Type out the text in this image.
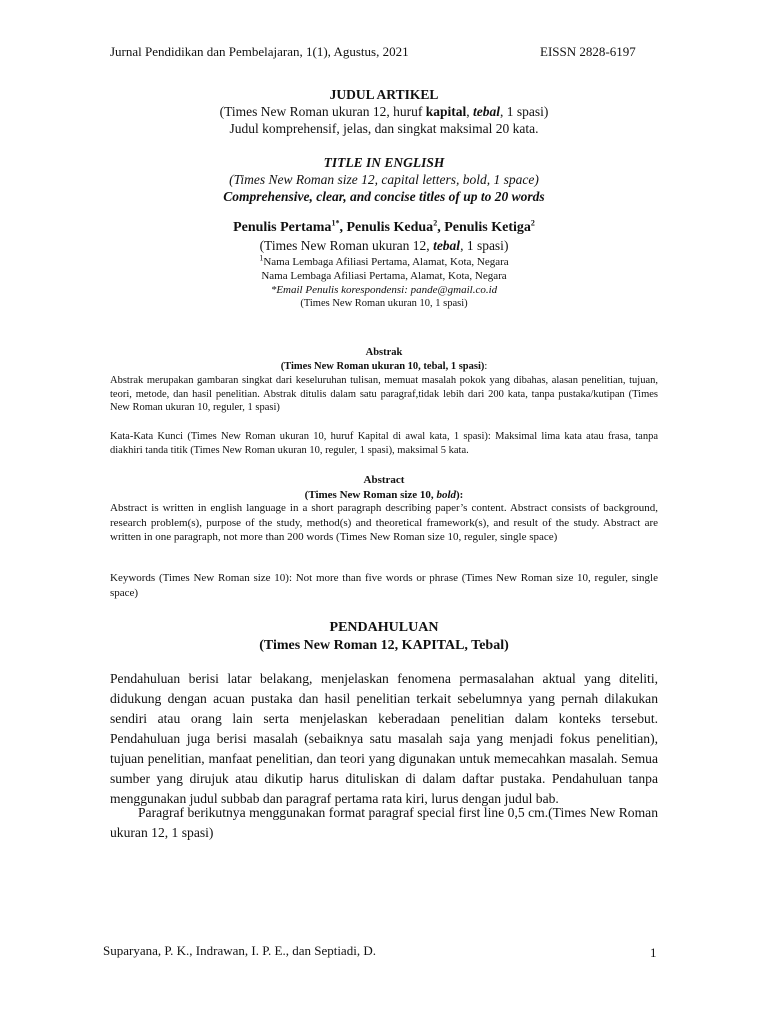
Jurnal Pendidikan dan Pembelajaran, 1(1), Agustus, 2021	EISSN 2828-6197
JUDUL ARTIKEL
(Times New Roman ukuran 12, huruf kapital, tebal, 1 spasi)
Judul komprehensif, jelas, dan singkat maksimal 20 kata.
TITLE IN ENGLISH
(Times New Roman size 12, capital letters, bold, 1 space)
Comprehensive, clear, and concise titles of up to 20 words
Penulis Pertama$^{1*}$, Penulis Kedua$^2$, Penulis Ketiga$^2$
(Times New Roman ukuran 12, tebal, 1 spasi)
$^1$Nama Lembaga Afiliasi Pertama, Alamat, Kota, Negara
Nama Lembaga Afiliasi Pertama, Alamat, Kota, Negara
*Email Penulis korespondensi: pande@gmail.co.id
(Times New Roman ukuran 10, 1 spasi)
Abstrak
(Times New Roman ukuran 10, tebal, 1 spasi):
Abstrak merupakan gambaran singkat dari keseluruhan tulisan, memuat masalah pokok yang dibahas, alasan penelitian, tujuan, teori, metode, dan hasil penelitian. Abstrak ditulis dalam satu paragraf,tidak lebih dari 200 kata, tanpa pustaka/kutipan (Times New Roman ukuran 10, reguler, 1 spasi)
Kata-Kata Kunci (Times New Roman ukuran 10, huruf Kapital di awal kata, 1 spasi): Maksimal lima kata atau frasa, tanpa diakhiri tanda titik (Times New Roman ukuran 10, reguler, 1 spasi), maksimal 5 kata.
Abstract
(Times New Roman size 10, bold):
Abstract is written in english language in a short paragraph describing paper’s content. Abstract consists of background, research problem(s), purpose of the study, method(s) and theoretical framework(s), and result of the study. Abstract are written in one paragraph, not more than 200 words (Times New Roman size 10, reguler, single space)
Keywords (Times New Roman size 10): Not more than five words or phrase (Times New Roman size 10, reguler, single space)
PENDAHULUAN
(Times New Roman 12, KAPITAL, Tebal)
Pendahuluan berisi latar belakang, menjelaskan fenomena permasalahan aktual yang diteliti, didukung dengan acuan pustaka dan hasil penelitian terkait sebelumnya yang pernah dilakukan sendiri atau orang lain serta menjelaskan keberadaan penelitian dalam konteks tersebut. Pendahuluan juga berisi masalah (sebaiknya satu masalah saja yang menjadi fokus penelitian), tujuan penelitian, manfaat penelitian, dan teori yang digunakan untuk memecahkan masalah. Semua sumber yang dirujuk atau dikutip harus dituliskan di dalam daftar pustaka. Pendahuluan tanpa menggunakan judul subbab dan paragraf pertama rata kiri, lurus dengan judul bab.
Paragraf berikutnya menggunakan format paragraf special first line 0,5 cm.(Times New Roman ukuran 12, 1 spasi)
Suparyana, P. K., Indrawan, I. P. E., dan Septiadi, D.	1
